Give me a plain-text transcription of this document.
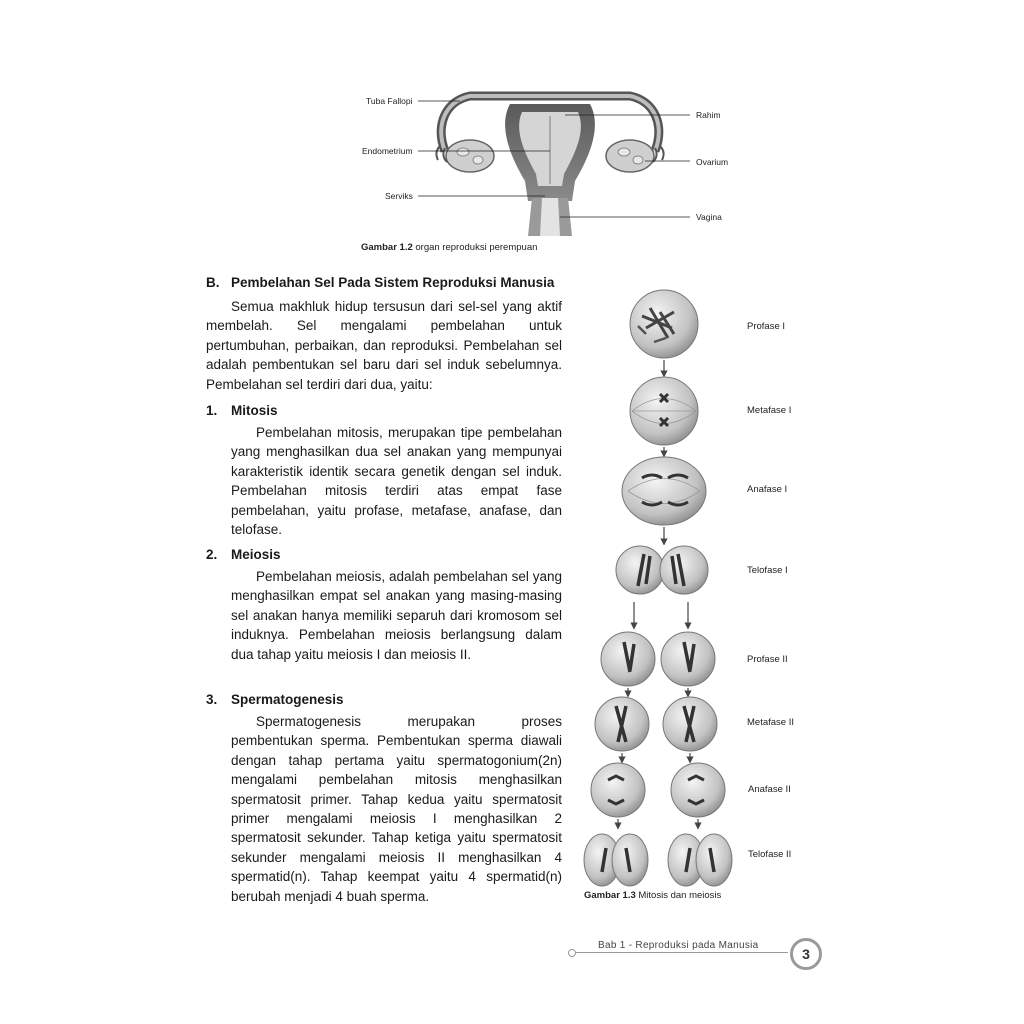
Tuba Fallopi
Endometrium
Serviks
Rahim
Ovarium
Vagina
Gambar 1.2 organ reproduksi perempuan
B. Pembelahan Sel Pada Sistem Reproduksi Manusia

Semua makhluk hidup tersusun dari sel-sel yang aktif membelah. Sel mengalami pembelahan untuk pertumbuhan, perbaikan, dan reproduksi. Pembelahan sel adalah pembentukan sel baru dari sel induk sebelumnya. Pembelahan sel terdiri dari dua, yaitu:

1. Mitosis

Pembelahan mitosis, merupakan tipe pembelahan yang menghasilkan dua sel anakan yang mempunyai karakteristik identik secara genetik dengan sel induk. Pembelahan mitosis terdiri atas empat fase pembelahan, yaitu profase, metafase, anafase, dan telofase.

2. Meiosis

Pembelahan meiosis, adalah pembelahan sel yang menghasilkan empat sel anakan yang masing-masing sel anakan hanya memiliki separuh dari kromosom sel induknya. Pembelahan meiosis berlangsung dalam dua tahap yaitu meiosis I dan meiosis II.

3. Spermatogenesis

Spermatogenesis merupakan proses pembentukan sperma. Pembentukan sperma diawali dengan tahap pertama yaitu spermatogonium(2n) mengalami pembelahan mitosis menghasilkan spermatosit primer. Tahap kedua yaitu spermatosit primer mengalami meiosis I menghasilkan 2 spermatosit sekunder. Tahap ketiga yaitu spermatosit sekunder mengalami meiosis II menghasilkan 4 spermatid(n). Tahap keempat yaitu 4 spermatid(n) berubah menjadi 4 buah sperma.

Profase I
Metafase I
Anafase I
Telofase I
Profase II
Metafase II
Anafase II
Telofase II
Gambar 1.3 Mitosis dan meiosis
Bab 1 - Reproduksi pada Manusia
3
